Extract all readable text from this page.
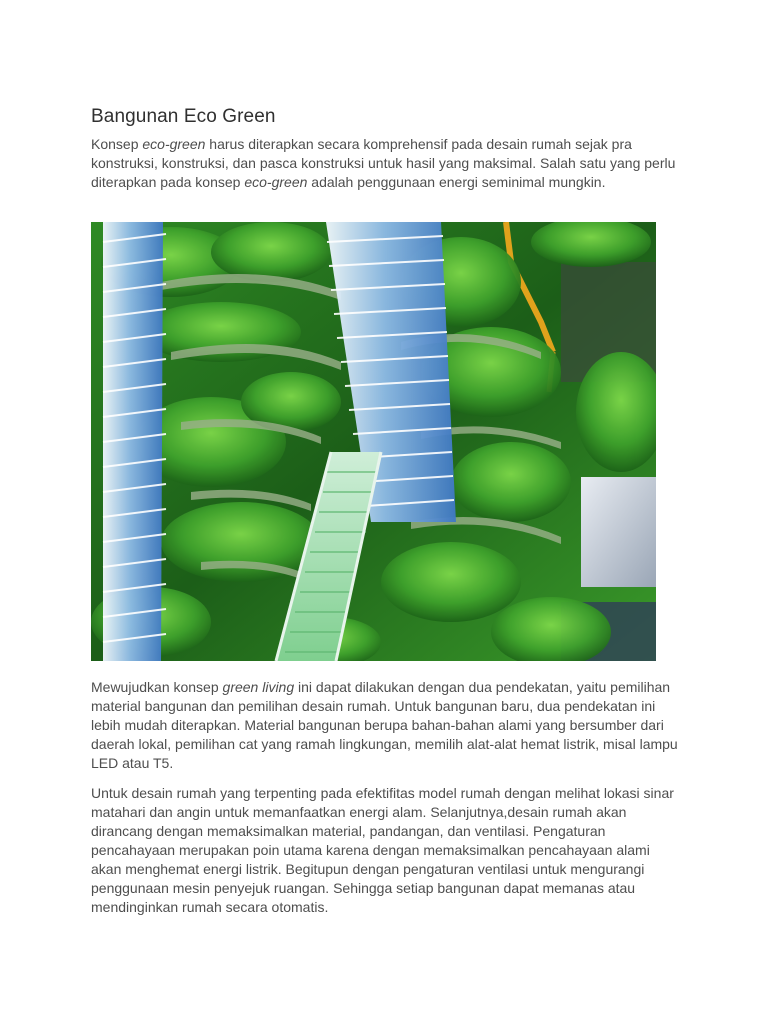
Bangunan Eco Green

Konsep eco-green harus diterapkan secara komprehensif pada desain rumah sejak pra konstruksi, konstruksi, dan pasca konstruksi untuk hasil yang maksimal. Salah satu yang perlu diterapkan pada konsep eco-green adalah penggunaan energi seminimal mungkin.

Mewujudkan konsep green living ini dapat dilakukan dengan dua pendekatan, yaitu pemilihan material bangunan dan pemilihan desain rumah. Untuk bangunan baru, dua pendekatan ini lebih mudah diterapkan. Material bangunan berupa bahan-bahan alami yang bersumber dari daerah lokal, pemilihan cat yang ramah lingkungan, memilih alat-alat hemat listrik, misal lampu LED atau T5.

Untuk desain rumah yang terpenting pada efektifitas model rumah dengan melihat lokasi sinar matahari dan angin untuk memanfaatkan energi alam. Selanjutnya,desain rumah akan dirancang dengan memaksimalkan material, pandangan, dan ventilasi. Pengaturan pencahayaan merupakan poin utama karena dengan memaksimalkan pencahayaan alami akan menghemat energi listrik. Begitupun dengan pengaturan ventilasi untuk mengurangi penggunaan mesin penyejuk ruangan. Sehingga setiap bangunan dapat memanas atau mendinginkan rumah secara otomatis.
